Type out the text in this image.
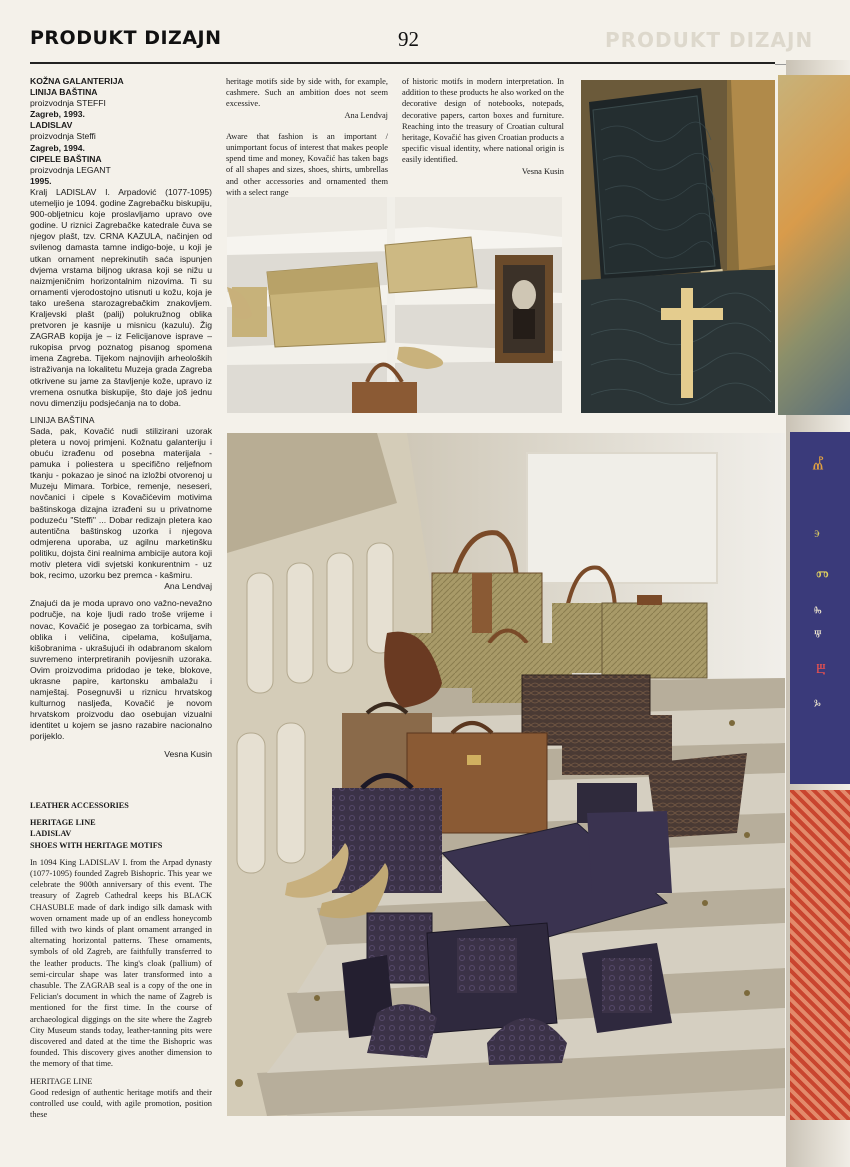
PRODUKT DIZAJN	92	PRODUKT DIZAJN

KOŽNA GALANTERIJA
LINIJA BAŠTINA
proizvodnja STEFFI
Zagreb, 1993.

LADISLAV
proizvodnja Steffi
Zagreb, 1994.

CIPELE BAŠTINA
proizvodnja LEGANT
1995.

Kralj LADISLAV I. Arpadović (1077-1095) utemeljio je 1094. godine Zagrebačku biskupiju, 900-obljetnicu koje proslavljamo upravo ove godine. U riznici Zagrebačke katedrale čuva se njegov plašt, tzv. CRNA KAZULA, načinjen od svilenog damasta tamne indigo-boje, u koji je utkan ornament neprekinutih saća ispunjen dvjema vrstama biljnog ukrasa koji se nižu u naizmjeničnim horizontalnim nizovima. Ti su ornamenti vjerodostojno utisnuti u kožu, koja je tako urešena starozagrebačkim znakovljem. Kraljevski plašt (palij) polukružnog oblika pretvoren je kasnije u misnicu (kazulu). Žig ZAGRAB kopija je – iz Felicijanove isprave – rukopisa prvog poznatog pisanog spomena imena Zagreba. Tijekom najnovijih arheoloških istraživanja na lokalitetu Muzeja grada Zagreba otkrivene su jame za štavljenje kože, upravo iz vremena osnutka biskupije, što daje još jednu novu dimenziju podsjećanja na to doba.

LINIJA BAŠTINA

Sada, pak, Kovačić nudi stilizirani uzorak pletera u novoj primjeni. Kožnatu galanteriju i obuću izrađenu od posebna materijala - pamuka i poliestera u specifično reljefnom tkanju - pokazao je sinoć na izložbi otvorenoj u Muzeju Mimara. Torbice, remenje, neseseri, novčanici i cipele s Kovačićevim motivima baštinskoga dizajna izrađeni su u privatnome poduzeću "Steffi" ... Dobar redizajn pletera kao autentična baštinskog uzorka i njegova odmjerena uporaba, uz agilnu marketinšku politiku, dojsta čini realnima ambicije autora koji motiv pletera vidi svjetski konkurentnim - uz bok, recimo, uzorku bez premca - kašmiru.

Ana Lendvaj

Znajući da je moda upravo ono važno-nevažno područje, na koje ljudi rado troše vrijeme i novac, Kovačić je posegao za torbicama, svih oblika i veličina, cipelama, košuljama, kišobranima - ukrašujući ih odabranom skalom suvremeno interpretiranih povijesnih uzoraka. Ovim proizvodima pridodao je teke, blokove, ukrasne papire, kartonsku ambalažu i namještaj. Posegnuvši u riznicu hrvatskog kulturnog nasljeđa, Kovačić je novom hrvatskom proizvodu dao osebujan vizualni identitet u kojem se jasno razabire nacionalno porijeklo.

Vesna Kusin

LEATHER ACCESSORIES

HERITAGE LINE

LADISLAV

SHOES WITH HERITAGE MOTIFS

In 1094 King LADISLAV I. from the Arpad dynasty (1077-1095) founded Zagreb Bishopric. This year we celebrate the 900th anniversary of this event. The treasury of Zagreb Cathedral keeps his BLACK CHASUBLE made of dark indigo silk damask with woven ornament made up of an endless honeycomb filled with two kinds of plant ornament arranged in alternating horizontal patterns. These ornaments, symbols of old Zagreb, are faithfully transferred to the leather products. The king's cloak (pallium) of semi-circular shape was later transformed into a chasuble. The ZAGRAB seal is a copy of the one in Felician's document in which the name of Zagreb is mentioned for the first time. In the course of archaeological diggings on the site where the Zagreb City Museum stands today, leather-tanning pits were discovered and dated at the time the Bishopric was founded. This discovery gives another dimension to the memory of that time.

HERITAGE LINE

Good redesign of authentic heritage motifs and their controlled use could, with agile promotion, position these

heritage motifs side by side with, for example, cashmere. Such an ambition does not seem excessive.

Ana Lendvaj

Aware that fashion is an important / unimportant focus of interest that makes people spend time and money, Kovačić has taken bags of all shapes and sizes, shoes, shirts, umbrellas and other accessories and ornamented them with a select range

of historic motifs in modern interpretation. In addition to these products he also worked on the decorative design of notebooks, notepads, decorative papers, carton boxes and furniture. Reaching into the treasury of Croatian cultural heritage, Kovačić has given Croatian products a specific visual identity, where national origin is easily identified.

Vesna Kusin

ⰼ
ⰵ
ⱅ
ⰸ
ⱋ
ⰱ
ⰳ
